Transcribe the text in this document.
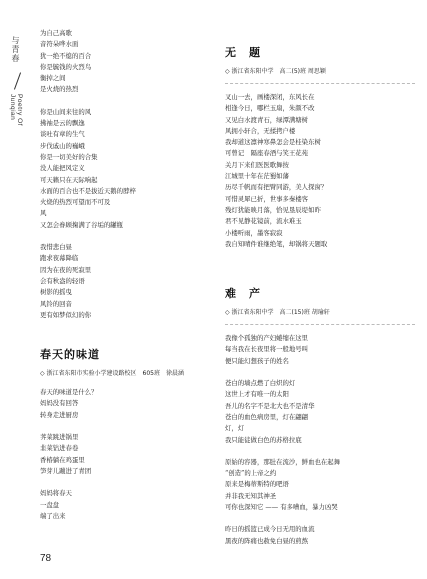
与青春
Poetry Of Junqian
为自己高歌
音符朵哗水面
犹一绝不熄的百合
你是毓钱的火烈鸟
衡掉之间
是火烧的热烈
你是山间来往的风
拂袖是云的飘逸
谈吐有章的生气
步伐戚山的巍峨
你是一切美好的合集
没人能把风定义
可天籁只在天际响起
水面的百合也不是拔近天鹅的脖梓
火烧的热烈可望而不可及
风
又怎会眷顾掬满了谷垢的罐瓶
我惜悲白昼
跑求夜幕降临
因为在夜的死寂里
会有秋盎的轻语
树影的摇曳
风铃的回音
更有如梦似幻的你
春天的味道
◇ 浙江省东阳市实验小学建设路校区　605班　徐晨涵
春天的味道是什么？
妈妈没有回答
转身走进厨房
荠菜跳进锅里
韭菜钻进春卷
香椿躺在鸡蛋里
笋芽儿蹦进了青团
妈妈将春天
一盘盘
端了出来
无　题
◇ 浙江省东阳中学　高二(5)班 周思颖
叉山一去，画楼深闭，东风长在
相逢今日，哪栏玉扇，朱颜不改
又见白水渡青石，绿潭满塘树
风拥小轩合，无揉拷户楼
我却道这凛神寒鼻怎会是桂染东树
可曾记　隔座春酒与笑王花苑
关月下来们医医歌舞按
江城里十年在茫蜀如藩
历尽千帆而有把臂同游，美人探窗？
可惜灵犀已折，世事多秦楼客
残灯犹能映月落，恰见垦辰堤如昨
君不见静花镜前，流水难玉
小楼听雨，墨客寂寂
我自知晴件谁继绝笔，却锅将天题取
难　产
◇ 浙江省东阳中学　高二(15)班 胡瑜轩
我像个孤独的产妇蜷缩在这里
每当我在长夜里将一般地号叫
便只能幻想孩子的姓名
苍白的墙点燃了白炽的灯
这世上才有唯一的太阳
吾儿的名字不是北大也不是清华
苍白的血色病房里，灯在翩翩
灯，灯
我只能徒做白色的苏格拉底
原始的容器，那肚在流沙，鲜血也在起舞
“创造”的上帝之约
原来是梅蒂斯特的吧语
并非我无知其神圣
可你也深知它 —— 有多嘈血，暴力凶哭
昨日的摇篮已成今日无用的血流
黑夜的阵痛也赦免白昼的煎熬
78
